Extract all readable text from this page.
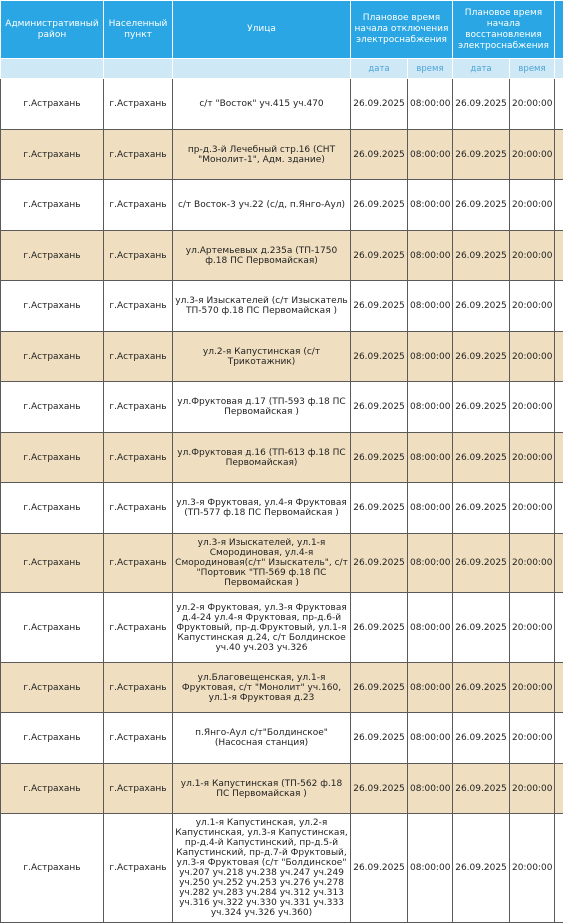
Административный район	Населенный пункт	Улица	Плановое время начала отключения электроснабжения		Плановое время начала восстановления электроснабжения		
			дата	время	дата	время	
г.Астрахань	г.Астрахань	с/т "Восток" уч.415 уч.470	26.09.2025	08:00:00	26.09.2025	20:00:00	
г.Астрахань	г.Астрахань	пр-д.3-й Лечебный стр.16 (СНТ "Монолит-1", Адм. здание)	26.09.2025	08:00:00	26.09.2025	20:00:00	
г.Астрахань	г.Астрахань	с/т Восток-3 уч.22 (с/д, п.Янго-Аул)	26.09.2025	08:00:00	26.09.2025	20:00:00	
г.Астрахань	г.Астрахань	ул.Артемьевых д.235а (ТП-1750 ф.18 ПС Первомайская)	26.09.2025	08:00:00	26.09.2025	20:00:00	
г.Астрахань	г.Астрахань	ул.3-я Изыскателей (с/т Изыскатель ТП-570 ф.18 ПС Первомайская )	26.09.2025	08:00:00	26.09.2025	20:00:00	
г.Астрахань	г.Астрахань	ул.2-я Капустинская (с/т Трикотажник)	26.09.2025	08:00:00	26.09.2025	20:00:00	
г.Астрахань	г.Астрахань	ул.Фруктовая д.17 (ТП-593 ф.18 ПС Первомайская )	26.09.2025	08:00:00	26.09.2025	20:00:00	
г.Астрахань	г.Астрахань	ул.Фруктовая д.16 (ТП-613 ф.18 ПС Первомайская)	26.09.2025	08:00:00	26.09.2025	20:00:00	
г.Астрахань	г.Астрахань	ул.3-я Фруктовая, ул.4-я Фруктовая (ТП-577 ф.18 ПС Первомайская )	26.09.2025	08:00:00	26.09.2025	20:00:00	
г.Астрахань	г.Астрахань	ул.3-я Изыскателей, ул.1-я Смородиновая, ул.4-я Смородиновая(с/т" Изыскатель", с/т "Портовик "ТП-569 ф.18 ПС Первомайская )	26.09.2025	08:00:00	26.09.2025	20:00:00	
г.Астрахань	г.Астрахань	ул.2-я Фруктовая, ул.3-я Фруктовая д.4-24 ул.4-я Фруктовая, пр-д.6-й Фруктовый, пр-д.Фруктовый, ул.1-я Капустинская д.24, с/т Болдинское уч.40 уч.203 уч.326	26.09.2025	08:00:00	26.09.2025	20:00:00	
г.Астрахань	г.Астрахань	ул.Благовещенская, ул.1-я Фруктовая, с/т "Монолит" уч.160, ул.1-я Фруктовая д.23	26.09.2025	08:00:00	26.09.2025	20:00:00	
г.Астрахань	г.Астрахань	п.Янго-Аул с/т"Болдинское" (Насосная станция)	26.09.2025	08:00:00	26.09.2025	20:00:00	
г.Астрахань	г.Астрахань	ул.1-я Капустинская (ТП-562 ф.18 ПС Первомайская )	26.09.2025	08:00:00	26.09.2025	20:00:00	
г.Астрахань	г.Астрахань	ул.1-я Капустинская, ул.2-я Капустинская, ул.3-я Капустинская, пр-д.4-й Капустинский, пр-д.5-й Капустинский, пр-д.7-й Фруктовый, ул.3-я Фруктовая (с/т "Болдинское" уч.207 уч.218 уч.238 уч.247 уч.249 уч.250 уч.252 уч.253 уч.276 уч.278 уч.282 уч.283 уч.284 уч.312 уч.313 уч.316 уч.322 уч.330 уч.331 уч.333 уч.324 уч.326 уч.360)	26.09.2025	08:00:00	26.09.2025	20:00:00	
